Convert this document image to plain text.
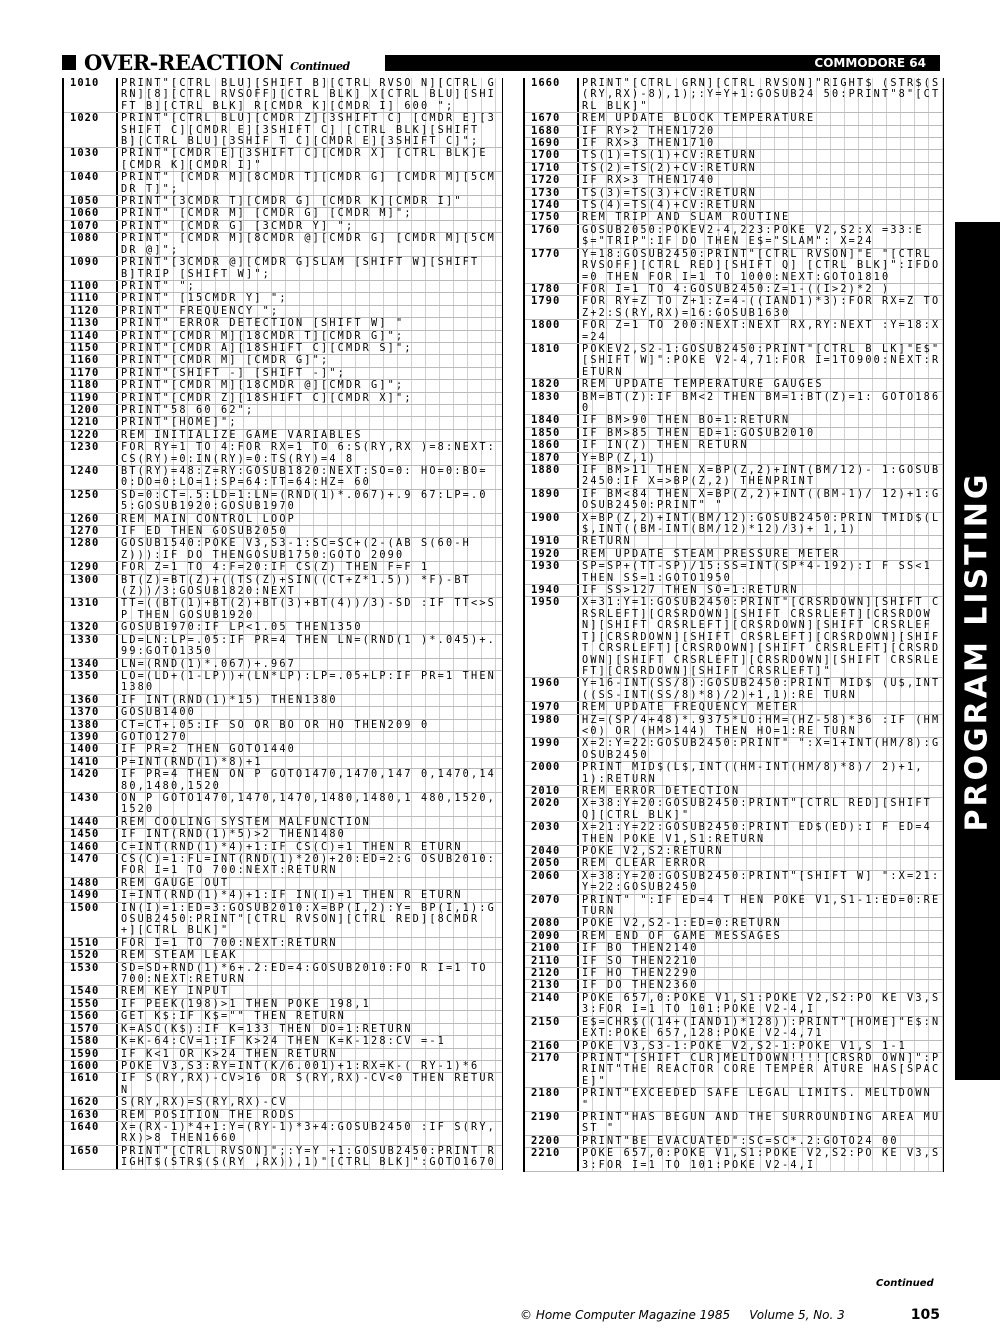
OVER-REACTION Continued	COMMODORE 64
1010	PRINT"[CTRL BLU][SHIFT B][CTRL RVSO N][CTRL GRN][8][CTRL RVSOFF][CTRL BLK] X[CTRL BLU][SHIFT B][CTRL BLK] R[CMDR K][CMDR I] 600 ";
1020	PRINT"[CTRL BLU][CMDR Z][3SHIFT C] [CMDR E][3SHIFT C][CMDR E][3SHIFT C] [CTRL BLK][SHIFT B][CTRL BLU][3SHIF T C][CMDR E][3SHIFT C]";
1030	PRINT"[CMDR E][3SHIFT C][CMDR X] [CTRL BLK]E[CMDR K][CMDR I]"
1040	PRINT" [CMDR M][8CMDR T][CMDR G] [CMDR M][5CMDR T]";
1050	PRINT"[3CMDR T][CMDR G] [CMDR K][CMDR I]"
1060	PRINT" [CMDR M] [CMDR G] [CMDR M]";
1070	PRINT" [CMDR G] [3CMDR Y] ";
1080	PRINT" [CMDR M][8CMDR @][CMDR G] [CMDR M][5CMDR @]";
1090	PRINT"[3CMDR @][CMDR G]SLAM [SHIFT W][SHIFT B]TRIP [SHIFT W]";
1100	PRINT" ";
1110	PRINT" [15CMDR Y] ";
1120	PRINT" FREQUENCY ";
1130	PRINT" ERROR DETECTION [SHIFT W] "
1140	PRINT"[CMDR M][18CMDR T][CMDR G]";
1150	PRINT"[CMDR A][18SHIFT C][CMDR S]";
1160	PRINT"[CMDR M] [CMDR G]";
1170	PRINT"[SHIFT -] [SHIFT -]";
1180	PRINT"[CMDR M][18CMDR @][CMDR G]";
1190	PRINT"[CMDR Z][18SHIFT C][CMDR X]";
1200	PRINT"58 60 62";
1210	PRINT"[HOME]";
1220	REM INITIALIZE GAME VARIABLES
1230	FOR RY=1 TO 4:FOR RX=1 TO 6:S(RY,RX )=8:NEXT:CS(RY)=0:IN(RY)=0:TS(RY)=4 8
1240	BT(RY)=48:Z=RY:GOSUB1820:NEXT:SO=0: HO=0:BO=0:DO=0:LO=1:SP=64:TT=64:HZ= 60
1250	SD=0:CT=.5:LD=1:LN=(RND(1)*.067)+.9 67:LP=.05:GOSUB1920:GOSUB1970
1260	REM MAIN CONTROL LOOP
1270	IF ED THEN GOSUB2050
1280	GOSUB1540:POKE V3,S3-1:SC=SC+(2-(AB S(60-HZ))):IF DO THENGOSUB1750:GOTO 2090
1290	FOR Z=1 TO 4:F=20:IF CS(Z) THEN F=F 1
1300	BT(Z)=BT(Z)+((TS(Z)+SIN((CT+Z*1.5)) *F)-BT(Z))/3:GOSUB1820:NEXT
1310	TT=((BT(1)+BT(2)+BT(3)+BT(4))/3)-SD :IF TT<>SP THEN GOSUB1920
1320	GOSUB1970:IF LP<1.05 THEN1350
1330	LD=LN:LP=.05:IF PR=4 THEN LN=(RND(1 )*.045)+.99:GOTO1350
1340	LN=(RND(1)*.067)+.967
1350	LO=(LD+(1-LP))+(LN*LP):LP=.05+LP:IF PR=1 THEN1380
1360	IF INT(RND(1)*15) THEN1380
1370	GOSUB1400
1380	CT=CT+.05:IF SO OR BO OR HO THEN209 0
1390	GOTO1270
1400	IF PR=2 THEN GOTO1440
1410	P=INT(RND(1)*8)+1
1420	IF PR=4 THEN ON P GOTO1470,1470,147 0,1470,1480,1480,1520
1430	ON P GOTO1470,1470,1470,1480,1480,1 480,1520,1520
1440	REM COOLING SYSTEM MALFUNCTION
1450	IF INT(RND(1)*5)>2 THEN1480
1460	C=INT(RND(1)*4)+1:IF CS(C)=1 THEN R ETURN
1470	CS(C)=1:FL=INT(RND(1)*20)+20:ED=2:G OSUB2010:FOR I=1 TO 700:NEXT:RETURN
1480	REM GAUGE OUT
1490	I=INT(RND(1)*4)+1:IF IN(I)=1 THEN R ETURN
1500	IN(I)=1:ED=3:GOSUB2010:X=BP(I,2):Y= BP(I,1):GOSUB2450:PRINT"[CTRL RVSON][CTRL RED][8CMDR +][CTRL BLK]"
1510	FOR I=1 TO 700:NEXT:RETURN
1520	REM STEAM LEAK
1530	SD=SD+RND(1)*6+.2:ED=4:GOSUB2010:FO R I=1 TO 700:NEXT:RETURN
1540	REM KEY INPUT
1550	IF PEEK(198)>1 THEN POKE 198,1
1560	GET K$:IF K$="" THEN RETURN
1570	K=ASC(K$):IF K=133 THEN DO=1:RETURN
1580	K=K-64:CV=1:IF K>24 THEN K=K-128:CV =-1
1590	IF K<1 OR K>24 THEN RETURN
1600	POKE V3,S3:RY=INT(K/6.001)+1:RX=K-( RY-1)*6
1610	IF S(RY,RX)-CV>16 OR S(RY,RX)-CV<0 THEN RETURN
1620	S(RY,RX)=S(RY,RX)-CV
1630	REM POSITION THE RODS
1640	X=(RX-1)*4+1:Y=(RY-1)*3+4:GOSUB2450 :IF S(RY,RX)>8 THEN1660
1650	PRINT"[CTRL RVSON]";:Y=Y +1:GOSUB2450:PRINT RIGHT$(STR$(S(RY ,RX)),1)"[CTRL BLK]":GOTO1670
1660	PRINT"[CTRL GRN][CTRL RVSON]"RIGHT$ (STR$(S(RY,RX)-8),1);:Y=Y+1:GOSUB24 50:PRINT"8"[CTRL BLK]"
1670	REM UPDATE BLOCK TEMPERATURE
1680	IF RY>2 THEN1720
1690	IF RX>3 THEN1710
1700	TS(1)=TS(1)+CV:RETURN
1710	TS(2)=TS(2)+CV:RETURN
1720	IF RX>3 THEN1740
1730	TS(3)=TS(3)+CV:RETURN
1740	TS(4)=TS(4)+CV:RETURN
1750	REM TRIP AND SLAM ROUTINE
1760	GOSUB2050:POKEV2-4,223:POKE V2,S2:X =33:E$="TRIP":IF DO THEN E$="SLAM": X=24
1770	Y=18:GOSUB2450:PRINT"[CTRL RVSON]"E "[CTRL RVSOFF][CTRL RED][SHIFT Q] [CTRL BLK]":IFDO=0 THEN FOR I=1 TO 1000:NEXT:GOTO1810
1780	FOR I=1 TO 4:GOSUB2450:Z=1-((I>2)*2 )
1790	FOR RY=Z TO Z+1:Z=4-((IAND1)*3):FOR RX=Z TO Z+2:S(RY,RX)=16:GOSUB1630
1800	FOR Z=1 TO 200:NEXT:NEXT RX,RY:NEXT :Y=18:X=24
1810	POKEV2,S2-1:GOSUB2450:PRINT"[CTRL B LK]"E$"[SHIFT W]":POKE V2-4,71:FOR I=1TO900:NEXT:RETURN
1820	REM UPDATE TEMPERATURE GAUGES
1830	BM=BT(Z):IF BM<2 THEN BM=1:BT(Z)=1: GOTO1860
1840	IF BM>90 THEN BO=1:RETURN
1850	IF BM>85 THEN ED=1:GOSUB2010
1860	IF IN(Z) THEN RETURN
1870	Y=BP(Z,1)
1880	IF BM>11 THEN X=BP(Z,2)+INT(BM/12)- 1:GOSUB2450:IF X=>BP(Z,2) THENPRINT
1890	IF BM<84 THEN X=BP(Z,2)+INT((BM-1)/ 12)+1:GOSUB2450:PRINT" "
1900	X=BP(Z,2)+INT(BM/12):GOSUB2450:PRIN TMID$(L$,INT((BM-INT(BM/12)*12)/3)+ 1,1)
1910	RETURN
1920	REM UPDATE STEAM PRESSURE METER
1930	SP=SP+(TT-SP)/15:SS=INT(SP*4-192):I F SS<1 THEN SS=1:GOTO1950
1940	IF SS>127 THEN SO=1:RETURN
1950	X=31:Y=1:GOSUB2450:PRINT"[CRSRDOWN][SHIFT CRSRLEFT][CRSRDOWN][SHIFT CRSRLEFT][CRSRDOWN][SHIFT CRSRLEFT][CRSRDOWN][SHIFT CRSRLEFT][CRSRDOWN][SHIFT CRSRLEFT][CRSRDOWN][SHIFT CRSRLEFT][CRSRDOWN][SHIFT CRSRLEFT][CRSRDOWN][SHIFT CRSRLEFT][CRSRDOWN][SHIFT CRSRLEFT][CRSRDOWN][SHIFT CRSRLEFT]"
1960	Y=16-INT(SS/8):GOSUB2450:PRINT MID$ (U$,INT((SS-INT(SS/8)*8)/2)+1,1):RE TURN
1970	REM UPDATE FREQUENCY METER
1980	HZ=(SP/4+48)*.9375*LO:HM=(HZ-58)*36 :IF (HM<0) OR (HM>144) THEN HO=1:RE TURN
1990	X=2:Y=22:GOSUB2450:PRINT" ":X=1+INT(HM/8):GOSUB2450
2000	PRINT MID$(L$,INT((HM-INT(HM/8)*8)/ 2)+1,1):RETURN
2010	REM ERROR DETECTION
2020	X=38:Y=20:GOSUB2450:PRINT"[CTRL RED][SHIFT Q][CTRL BLK]"
2030	X=21:Y=22:GOSUB2450:PRINT ED$(ED):I F ED=4 THEN POKE V1,S1:RETURN
2040	POKE V2,S2:RETURN
2050	REM CLEAR ERROR
2060	X=38:Y=20:GOSUB2450:PRINT"[SHIFT W] ":X=21:Y=22:GOSUB2450
2070	PRINT" ":IF ED=4 T HEN POKE V1,S1-1:ED=0:RETURN
2080	POKE V2,S2-1:ED=0:RETURN
2090	REM END OF GAME MESSAGES
2100	IF BO THEN2140
2110	IF SO THEN2210
2120	IF HO THEN2290
2130	IF DO THEN2360
2140	POKE 657,0:POKE V1,S1:POKE V2,S2:PO KE V3,S3:FOR I=1 TO 101:POKE V2-4,I
2150	E$=CHR$((14+(IAND1)*128)):PRINT"[HOME]"E$:NEXT:POKE 657,128:POKE V2-4,71
2160	POKE V3,S3-1:POKE V2,S2-1:POKE V1,S 1-1
2170	PRINT"[SHIFT CLR]MELTDOWN!!!![CRSRD OWN]":PRINT"THE REACTOR CORE TEMPER ATURE HAS[SPACE]"
2180	PRINT"EXCEEDED SAFE LEGAL LIMITS. MELTDOWN "
2190	PRINT"HAS BEGUN AND THE SURROUNDING AREA MUST "
2200	PRINT"BE EVACUATED":SC=SC*.2:GOTO24 00
2210	POKE 657,0:POKE V1,S1:POKE V2,S2:PO KE V3,S3:FOR I=1 TO 101:POKE V2-4,I
PROGRAM LISTING
Continued
© Home Computer Magazine 1985 Volume 5, No. 3	105
